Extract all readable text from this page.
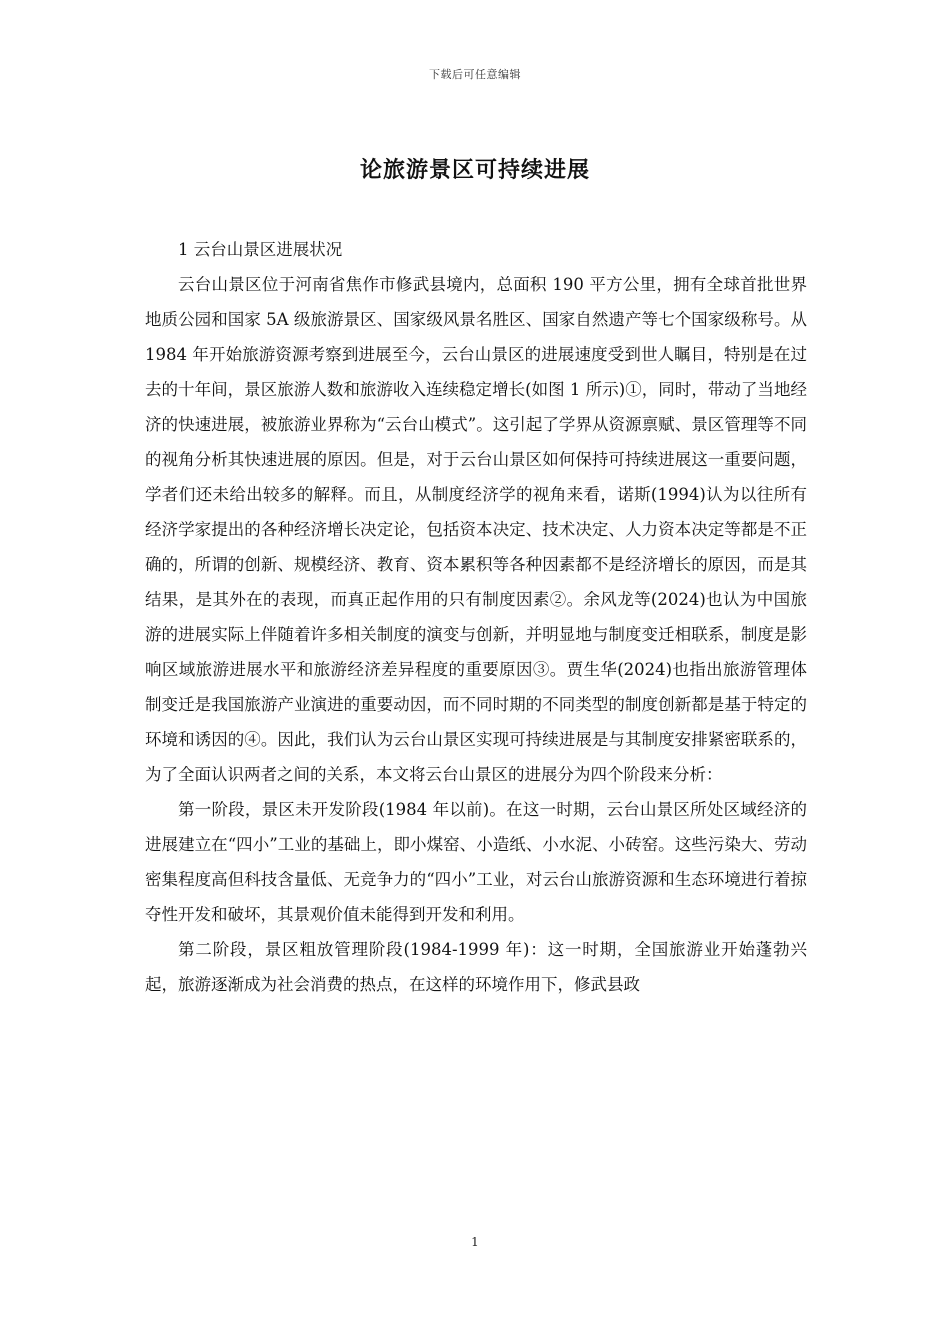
下载后可任意编辑
论旅游景区可持续进展

1 云台山景区进展状况

云台山景区位于河南省焦作市修武县境内，总面积 190 平方公里，拥有全球首批世界地质公园和国家 5A 级旅游景区、国家级风景名胜区、国家自然遗产等七个国家级称号。从 1984 年开始旅游资源考察到进展至今，云台山景区的进展速度受到世人瞩目，特别是在过去的十年间，景区旅游人数和旅游收入连续稳定增长(如图 1 所示)①，同时，带动了当地经济的快速进展，被旅游业界称为“云台山模式”。这引起了学界从资源禀赋、景区管理等不同的视角分析其快速进展的原因。但是，对于云台山景区如何保持可持续进展这一重要问题，学者们还未给出较多的解释。而且，从制度经济学的视角来看，诺斯(1994)认为以往所有经济学家提出的各种经济增长决定论，包括资本决定、技术决定、人力资本决定等都是不正确的，所谓的创新、规模经济、教育、资本累积等各种因素都不是经济增长的原因，而是其结果，是其外在的表现，而真正起作用的只有制度因素②。余风龙等(2024)也认为中国旅游的进展实际上伴随着许多相关制度的演变与创新，并明显地与制度变迁相联系，制度是影响区域旅游进展水平和旅游经济差异程度的重要原因③。贾生华(2024)也指出旅游管理体制变迁是我国旅游产业演进的重要动因，而不同时期的不同类型的制度创新都是基于特定的环境和诱因的④。因此，我们认为云台山景区实现可持续进展是与其制度安排紧密联系的，为了全面认识两者之间的关系，本文将云台山景区的进展分为四个阶段来分析：

第一阶段，景区未开发阶段(1984 年以前)。在这一时期，云台山景区所处区域经济的进展建立在“四小”工业的基础上，即小煤窑、小造纸、小水泥、小砖窑。这些污染大、劳动密集程度高但科技含量低、无竞争力的“四小”工业，对云台山旅游资源和生态环境进行着掠夺性开发和破坏，其景观价值未能得到开发和利用。

第二阶段，景区粗放管理阶段(1984-1999 年)：这一时期，全国旅游业开始蓬勃兴起，旅游逐渐成为社会消费的热点，在这样的环境作用下，修武县政

1
